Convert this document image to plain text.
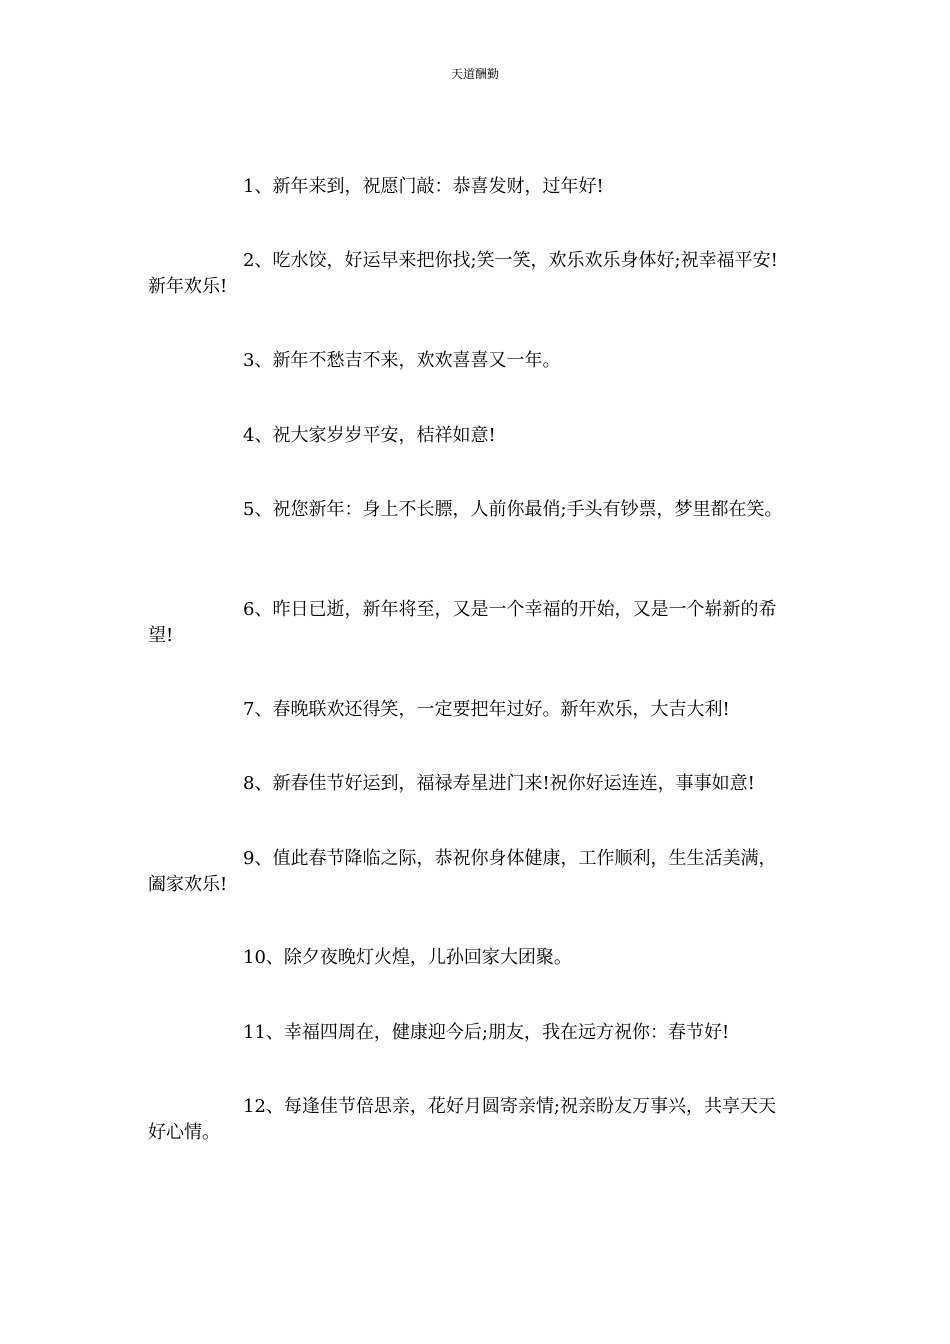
天道酬勤

1、新年来到，祝愿门敲：恭喜发财，过年好!

2、吃水饺，好运早来把你找;笑一笑，欢乐欢乐身体好;祝幸福平安!新年欢乐!

3、新年不愁吉不来，欢欢喜喜又一年。

4、祝大家岁岁平安，桔祥如意!

5、祝您新年：身上不长膘，人前你最俏;手头有钞票，梦里都在笑。

6、昨日已逝，新年将至，又是一个幸福的开始，又是一个崭新的希望!

7、春晚联欢还得笑，一定要把年过好。新年欢乐，大吉大利!

8、新春佳节好运到，福禄寿星进门来!祝你好运连连，事事如意!

9、值此春节降临之际，恭祝你身体健康，工作顺利，生生活美满，阖家欢乐!

10、除夕夜晚灯火煌，儿孙回家大团聚。

11、幸福四周在，健康迎今后;朋友，我在远方祝你：春节好!

12、每逢佳节倍思亲，花好月圆寄亲情;祝亲盼友万事兴，共享天天好心情。
